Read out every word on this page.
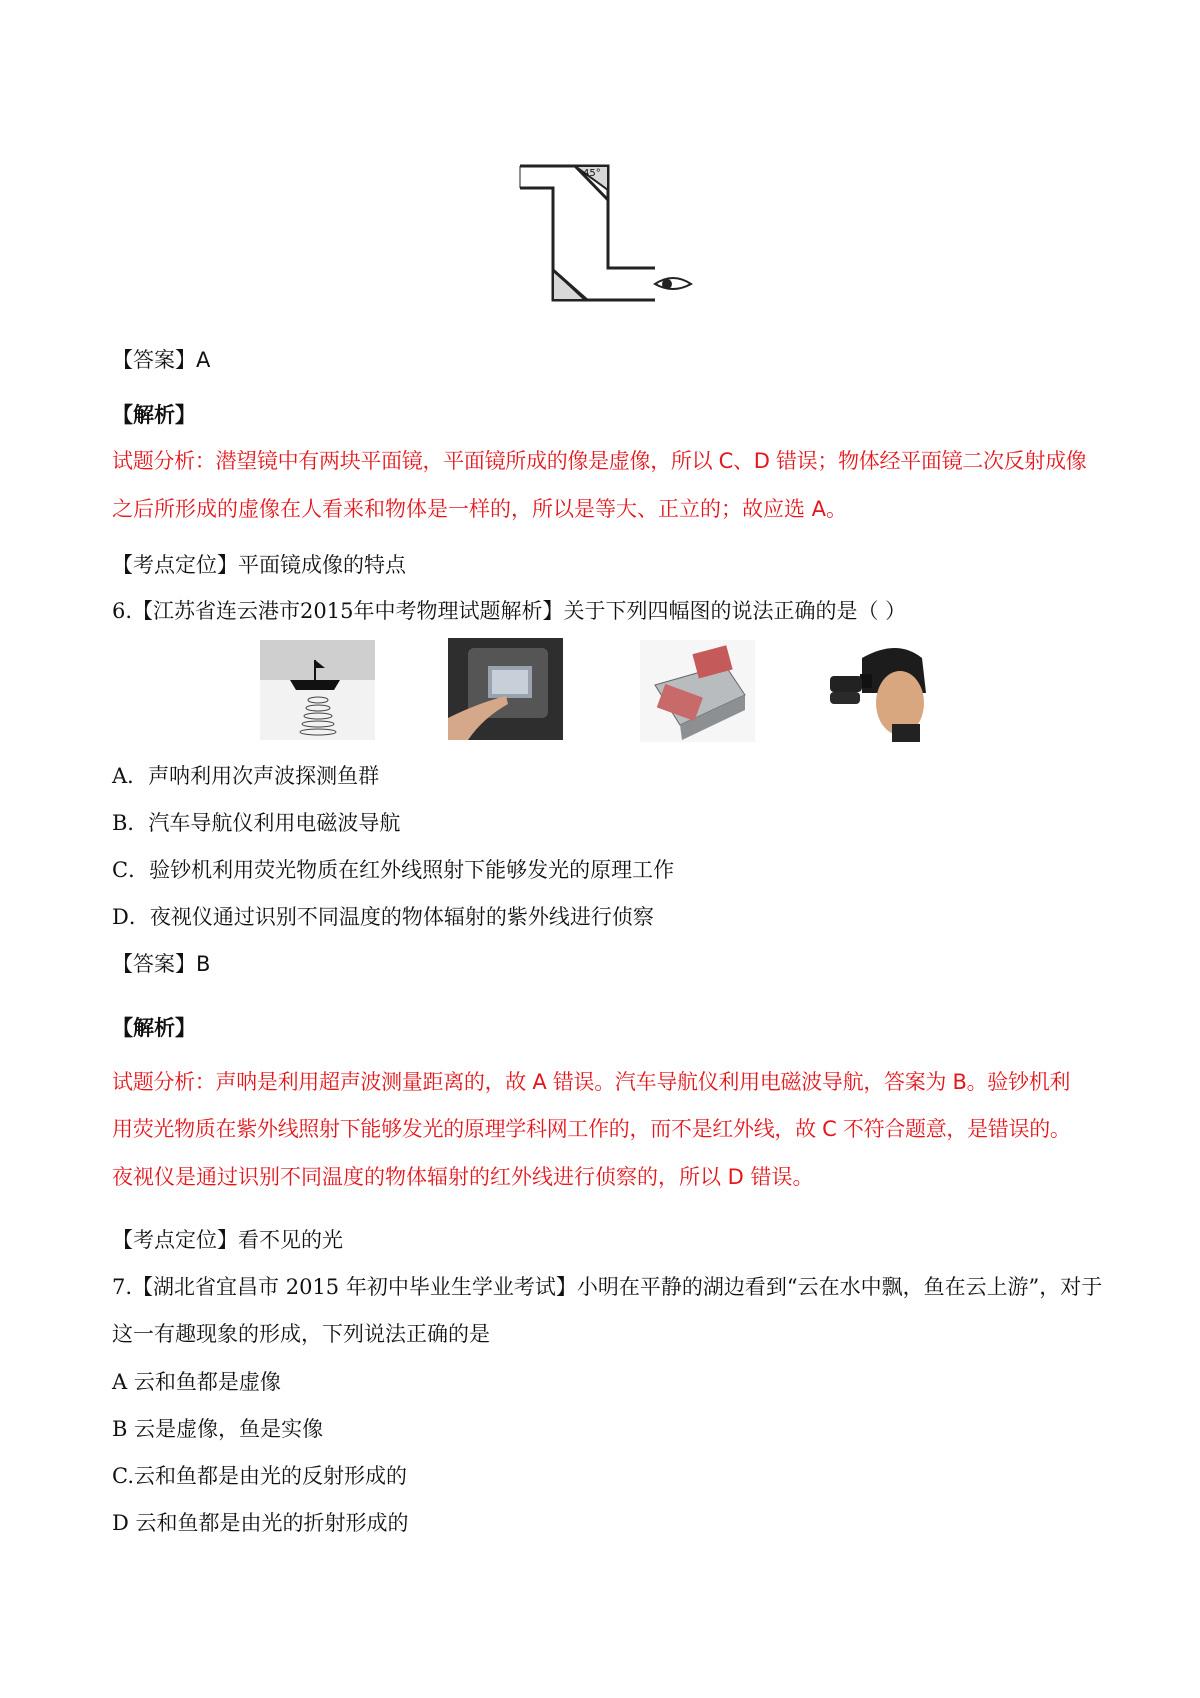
45°
【答案】A
【解析】
试题分析：潜望镜中有两块平面镜，平面镜所成的像是虚像，所以 C、D 错误；物体经平面镜二次反射成像
之后所形成的虚像在人看来和物体是一样的，所以是等大、正立的；故应选 A。
【考点定位】平面镜成像的特点
6.【江苏省连云港市2015年中考物理试题解析】关于下列四幅图的说法正确的是（ ）
A．声呐利用次声波探测鱼群
B．汽车导航仪利用电磁波导航
C．验钞机利用荧光物质在红外线照射下能够发光的原理工作
D．夜视仪通过识别不同温度的物体辐射的紫外线进行侦察
【答案】B
【解析】
试题分析：声呐是利用超声波测量距离的，故 A 错误。汽车导航仪利用电磁波导航，答案为 B。验钞机利
用荧光物质在紫外线照射下能够发光的原理学科网工作的，而不是红外线，故 C 不符合题意，是错误的。
夜视仪是通过识别不同温度的物体辐射的红外线进行侦察的，所以 D 错误。
【考点定位】看不见的光
7.【湖北省宜昌市 2015 年初中毕业生学业考试】小明在平静的湖边看到“云在水中飘，鱼在云上游”，对于
这一有趣现象的形成，下列说法正确的是
A 云和鱼都是虚像
B 云是虚像，鱼是实像
C.云和鱼都是由光的反射形成的
D 云和鱼都是由光的折射形成的
